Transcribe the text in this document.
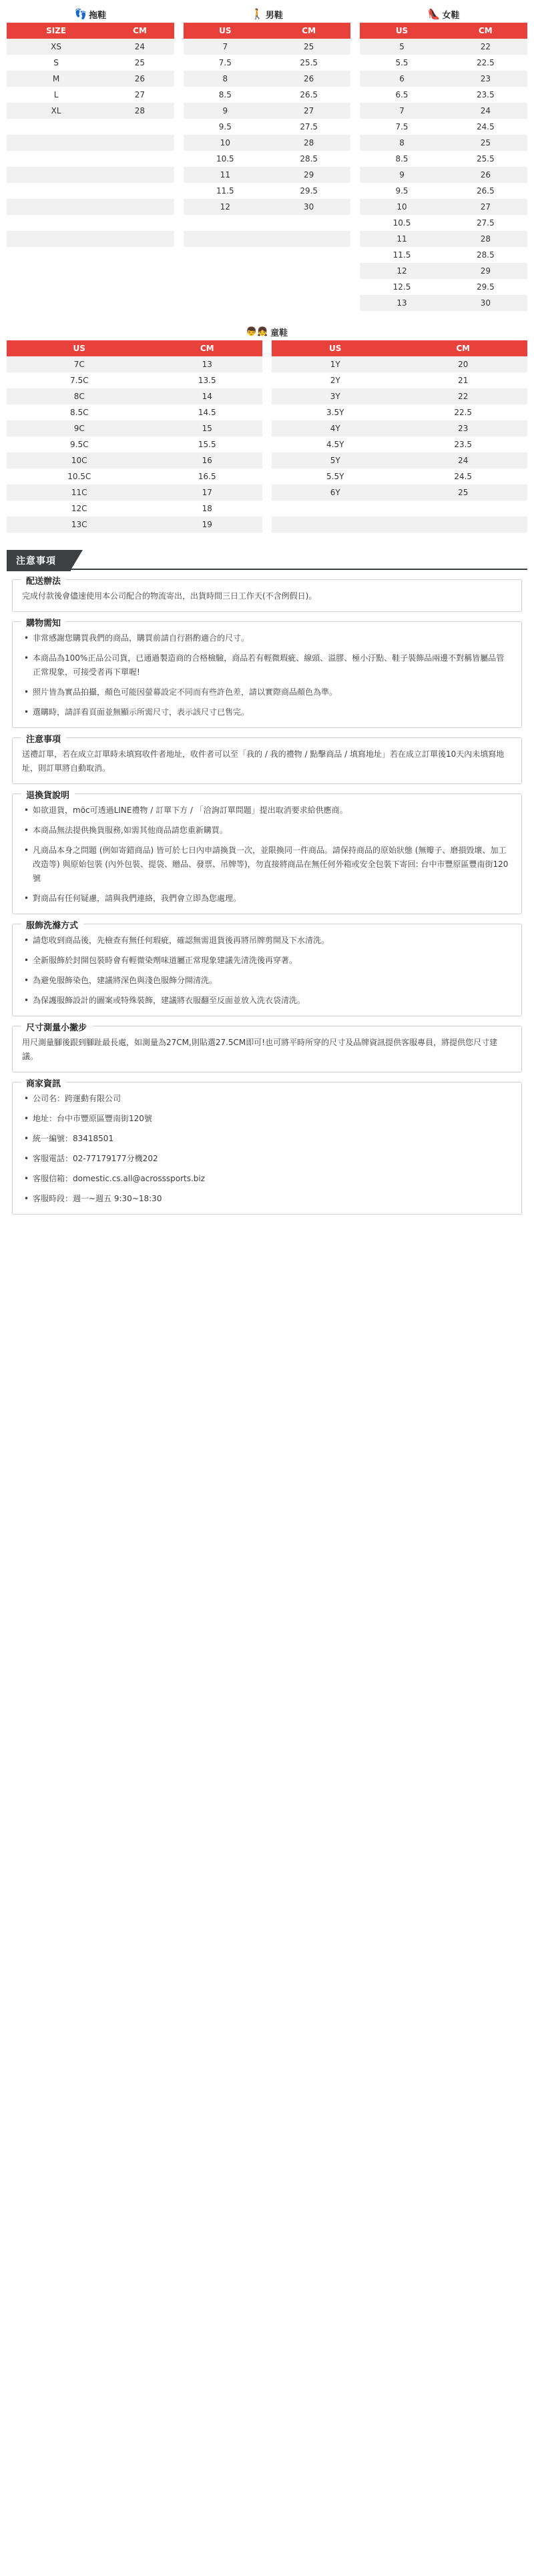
👣 拖鞋
SIZE	CM
XS	24
S	25
M	26
L	27
XL	28

🚶 男鞋
US	CM
7	25
7.5	25.5
8	26
8.5	26.5
9	27
9.5	27.5
10	28
10.5	28.5
11	29
11.5	29.5
12	30

👠 女鞋
US	CM
5	22
5.5	22.5
6	23
6.5	23.5
7	24
7.5	24.5
8	25
8.5	25.5
9	26
9.5	26.5
10	27
10.5	27.5
11	28
11.5	28.5
12	29
12.5	29.5
13	30
👦👧 童鞋
US	CM
7C	13
7.5C	13.5
8C	14
8.5C	14.5
9C	15
9.5C	15.5
10C	16
10.5C	16.5
11C	17
12C	18
13C	19
US	CM
1Y	20
2Y	21
3Y	22
3.5Y	22.5
4Y	23
4.5Y	23.5
5Y	24
5.5Y	24.5
6Y	25

注意事項
配送辦法

完成付款後會儘速使用本公司配合的物流寄出，出貨時間三日工作天(不含例假日)。

購物需知
• 非常感謝您購買我們的商品，購買前請自行斟酌適合的尺寸。
• 本商品為100%正品公司貨，已通過製造商的合格檢驗，商品若有輕微瑕疵、線頭、溢膠、極小汙點、鞋子裝飾品兩邊不對稱皆屬品管正常現象，可接受者再下單喔!
• 照片皆為實品拍攝，顏色可能因螢幕設定不同而有些許色差，請以實際商品顏色為準。
• 選購時，請詳看頁面並無顯示所需尺寸，表示該尺寸已售完。
注意事項

送禮訂單，若在成立訂單時未填寫收件者地址，收件者可以至「我的 / 我的禮物 / 點擊商品 / 填寫地址」若在成立訂單後10天內未填寫地址，則訂單將自動取消。

退換貨說明
• 如欲退貨，möc可透過LINE禮物 / 訂單下方 / 「洽詢訂單問題」提出取消要求給供應商。
• 本商品無法提供換貨服務,如需其他商品請您重新購買。
• 凡商品本身之問題 (例如寄錯商品) 皆可於七日內申請換貨一次，並限換同一件商品。請保持商品的原始狀態 (無瓣子、磨損毀壞、加工改造等) 與原始包裝 (內外包裝、提袋、贈品、發票、吊牌等)，勿直接將商品在無任何外箱或安全包裝下寄回: 台中市豐原區豐南街120號
• 對商品有任何疑慮，請與我們連絡，我們會立即為您處理。
服飾洗滌方式
• 請您收到商品後，先檢查有無任何瑕疵，確認無需退貨後再將吊牌剪開及下水清洗。
• 全新服飾於封開包裝時會有輕微染劑味道屬正常現象建議先清洗後再穿著。
• 為避免服飾染色，建議將深色與淺色服飾分開清洗。
• 為保護服飾設計的圖案或特殊裝飾，建議將衣服翻至反面並放入洗衣袋清洗。
尺寸測量小撇步

用尺測量腳後跟到腳趾最長處，如測量為27CM,則貼選27.5CM即可!也可將平時所穿的尺寸及品牌資訊提供客服專員，將提供您尺寸建議。

商家資訊
• 公司名：跨運動有限公司
• 地址：台中市豐原區豐南街120號
• 統一編號：83418501
• 客服電話：02-77179177分機202
• 客服信箱：domestic.cs.all@acrosssports.biz
• 客服時段：週一~週五 9:30~18:30
